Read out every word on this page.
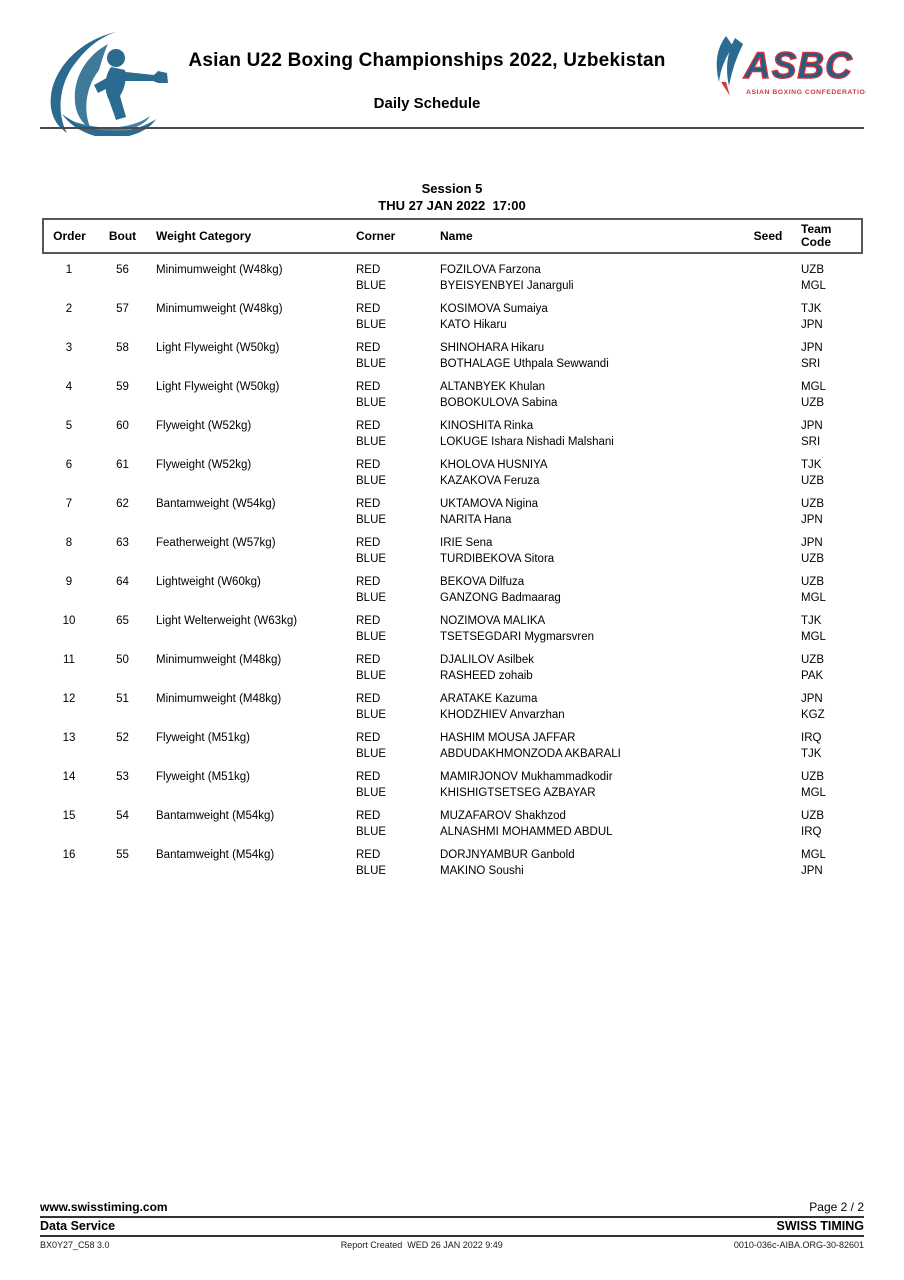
Asian U22 Boxing Championships 2022, Uzbekistan
Daily Schedule
ASBC
ASIAN BOXING CONFEDERATION
Session 5
THU 27 JAN 2022  17:00
Order	Bout	Weight Category	Corner	Name	Seed	Team Code
1	56	Minimumweight (W48kg)	RED	FOZILOVA Farzona		UZB
			BLUE	BYEISYENBYEI Janarguli		MGL
2	57	Minimumweight (W48kg)	RED	KOSIMOVA Sumaiya		TJK
			BLUE	KATO Hikaru		JPN
3	58	Light Flyweight (W50kg)	RED	SHINOHARA Hikaru		JPN
			BLUE	BOTHALAGE Uthpala Sewwandi		SRI
4	59	Light Flyweight (W50kg)	RED	ALTANBYEK Khulan		MGL
			BLUE	BOBOKULOVA Sabina		UZB
5	60	Flyweight (W52kg)	RED	KINOSHITA Rinka		JPN
			BLUE	LOKUGE Ishara Nishadi Malshani		SRI
6	61	Flyweight (W52kg)	RED	KHOLOVA HUSNIYA		TJK
			BLUE	KAZAKOVA Feruza		UZB
7	62	Bantamweight (W54kg)	RED	UKTAMOVA Nigina		UZB
			BLUE	NARITA Hana		JPN
8	63	Featherweight (W57kg)	RED	IRIE Sena		JPN
			BLUE	TURDIBEKOVA Sitora		UZB
9	64	Lightweight (W60kg)	RED	BEKOVA Dilfuza		UZB
			BLUE	GANZONG Badmaarag		MGL
10	65	Light Welterweight (W63kg)	RED	NOZIMOVA MALIKA		TJK
			BLUE	TSETSEGDARI Mygmarsvren		MGL
11	50	Minimumweight (M48kg)	RED	DJALILOV Asilbek		UZB
			BLUE	RASHEED zohaib		PAK
12	51	Minimumweight (M48kg)	RED	ARATAKE Kazuma		JPN
			BLUE	KHODZHIEV Anvarzhan		KGZ
13	52	Flyweight (M51kg)	RED	HASHIM MOUSA JAFFAR		IRQ
			BLUE	ABDUDAKHMONZODA AKBARALI		TJK
14	53	Flyweight (M51kg)	RED	MAMIRJONOV Mukhammadkodir		UZB
			BLUE	KHISHIGTSETSEG AZBAYAR		MGL
15	54	Bantamweight (M54kg)	RED	MUZAFAROV Shakhzod		UZB
			BLUE	ALNASHMI MOHAMMED ABDUL		IRQ
16	55	Bantamweight (M54kg)	RED	DORJNYAMBUR Ganbold		MGL
			BLUE	MAKINO Soushi		JPN
www.swisstiming.com	Page 2 / 2
Data Service	SWISS TIMING
BX0Y27_C58 3.0	Report Created  WED 26 JAN 2022 9:49	0010-036c-AIBA.ORG-30-82601
